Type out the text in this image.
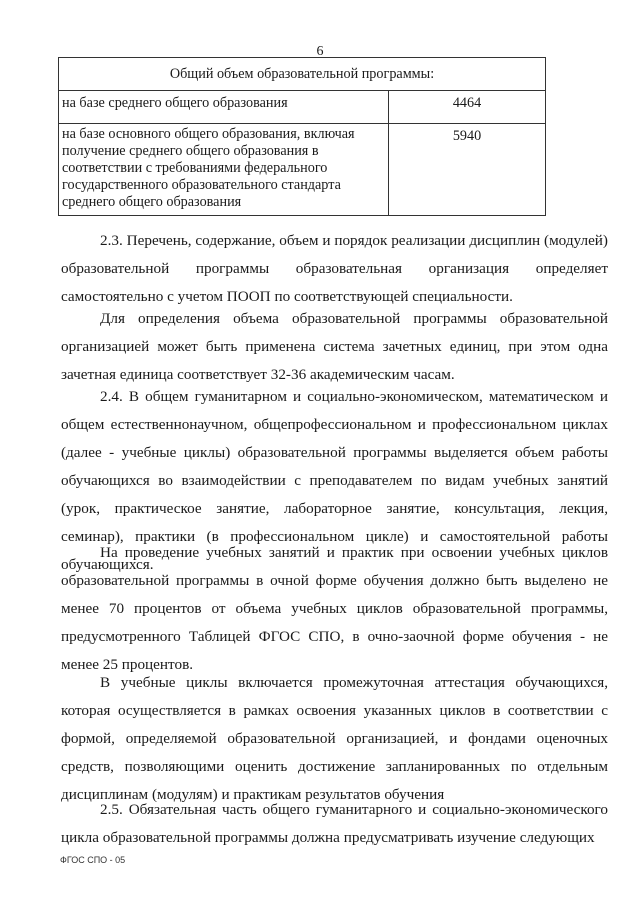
6
Общий объем образовательной программы:	
на базе среднего общего образования	4464
на базе основного общего образования, включая получение среднего общего образования в соответствии с требованиями федерального государственного образовательного стандарта среднего общего образования	5940

2.3. Перечень, содержание, объем и порядок реализации дисциплин (модулей) образовательной программы образовательная организация определяет самостоятельно с учетом ПООП по соответствующей специальности.

Для определения объема образовательной программы образовательной организацией может быть применена система зачетных единиц, при этом одна зачетная единица соответствует 32-36 академическим часам.

2.4. В общем гуманитарном и социально-экономическом, математическом и общем естественнонаучном, общепрофессиональном и профессиональном циклах (далее - учебные циклы) образовательной программы выделяется объем работы обучающихся во взаимодействии с преподавателем по видам учебных занятий (урок, практическое занятие, лабораторное занятие, консультация, лекция, семинар), практики (в профессиональном цикле) и самостоятельной работы обучающихся.

На проведение учебных занятий и практик при освоении учебных циклов образовательной программы в очной форме обучения должно быть выделено не менее 70 процентов от объема учебных циклов образовательной программы, предусмотренного Таблицей ФГОС СПО, в очно-заочной форме обучения - не менее 25 процентов.

В учебные циклы включается промежуточная аттестация обучающихся, которая осуществляется в рамках освоения указанных циклов в соответствии с формой, определяемой образовательной организацией, и фондами оценочных средств, позволяющими оценить достижение запланированных по отдельным дисциплинам (модулям) и практикам результатов обучения

2.5. Обязательная часть общего гуманитарного и социально-экономического цикла образовательной программы должна предусматривать изучение следующих

ФГОС СПО - 05
